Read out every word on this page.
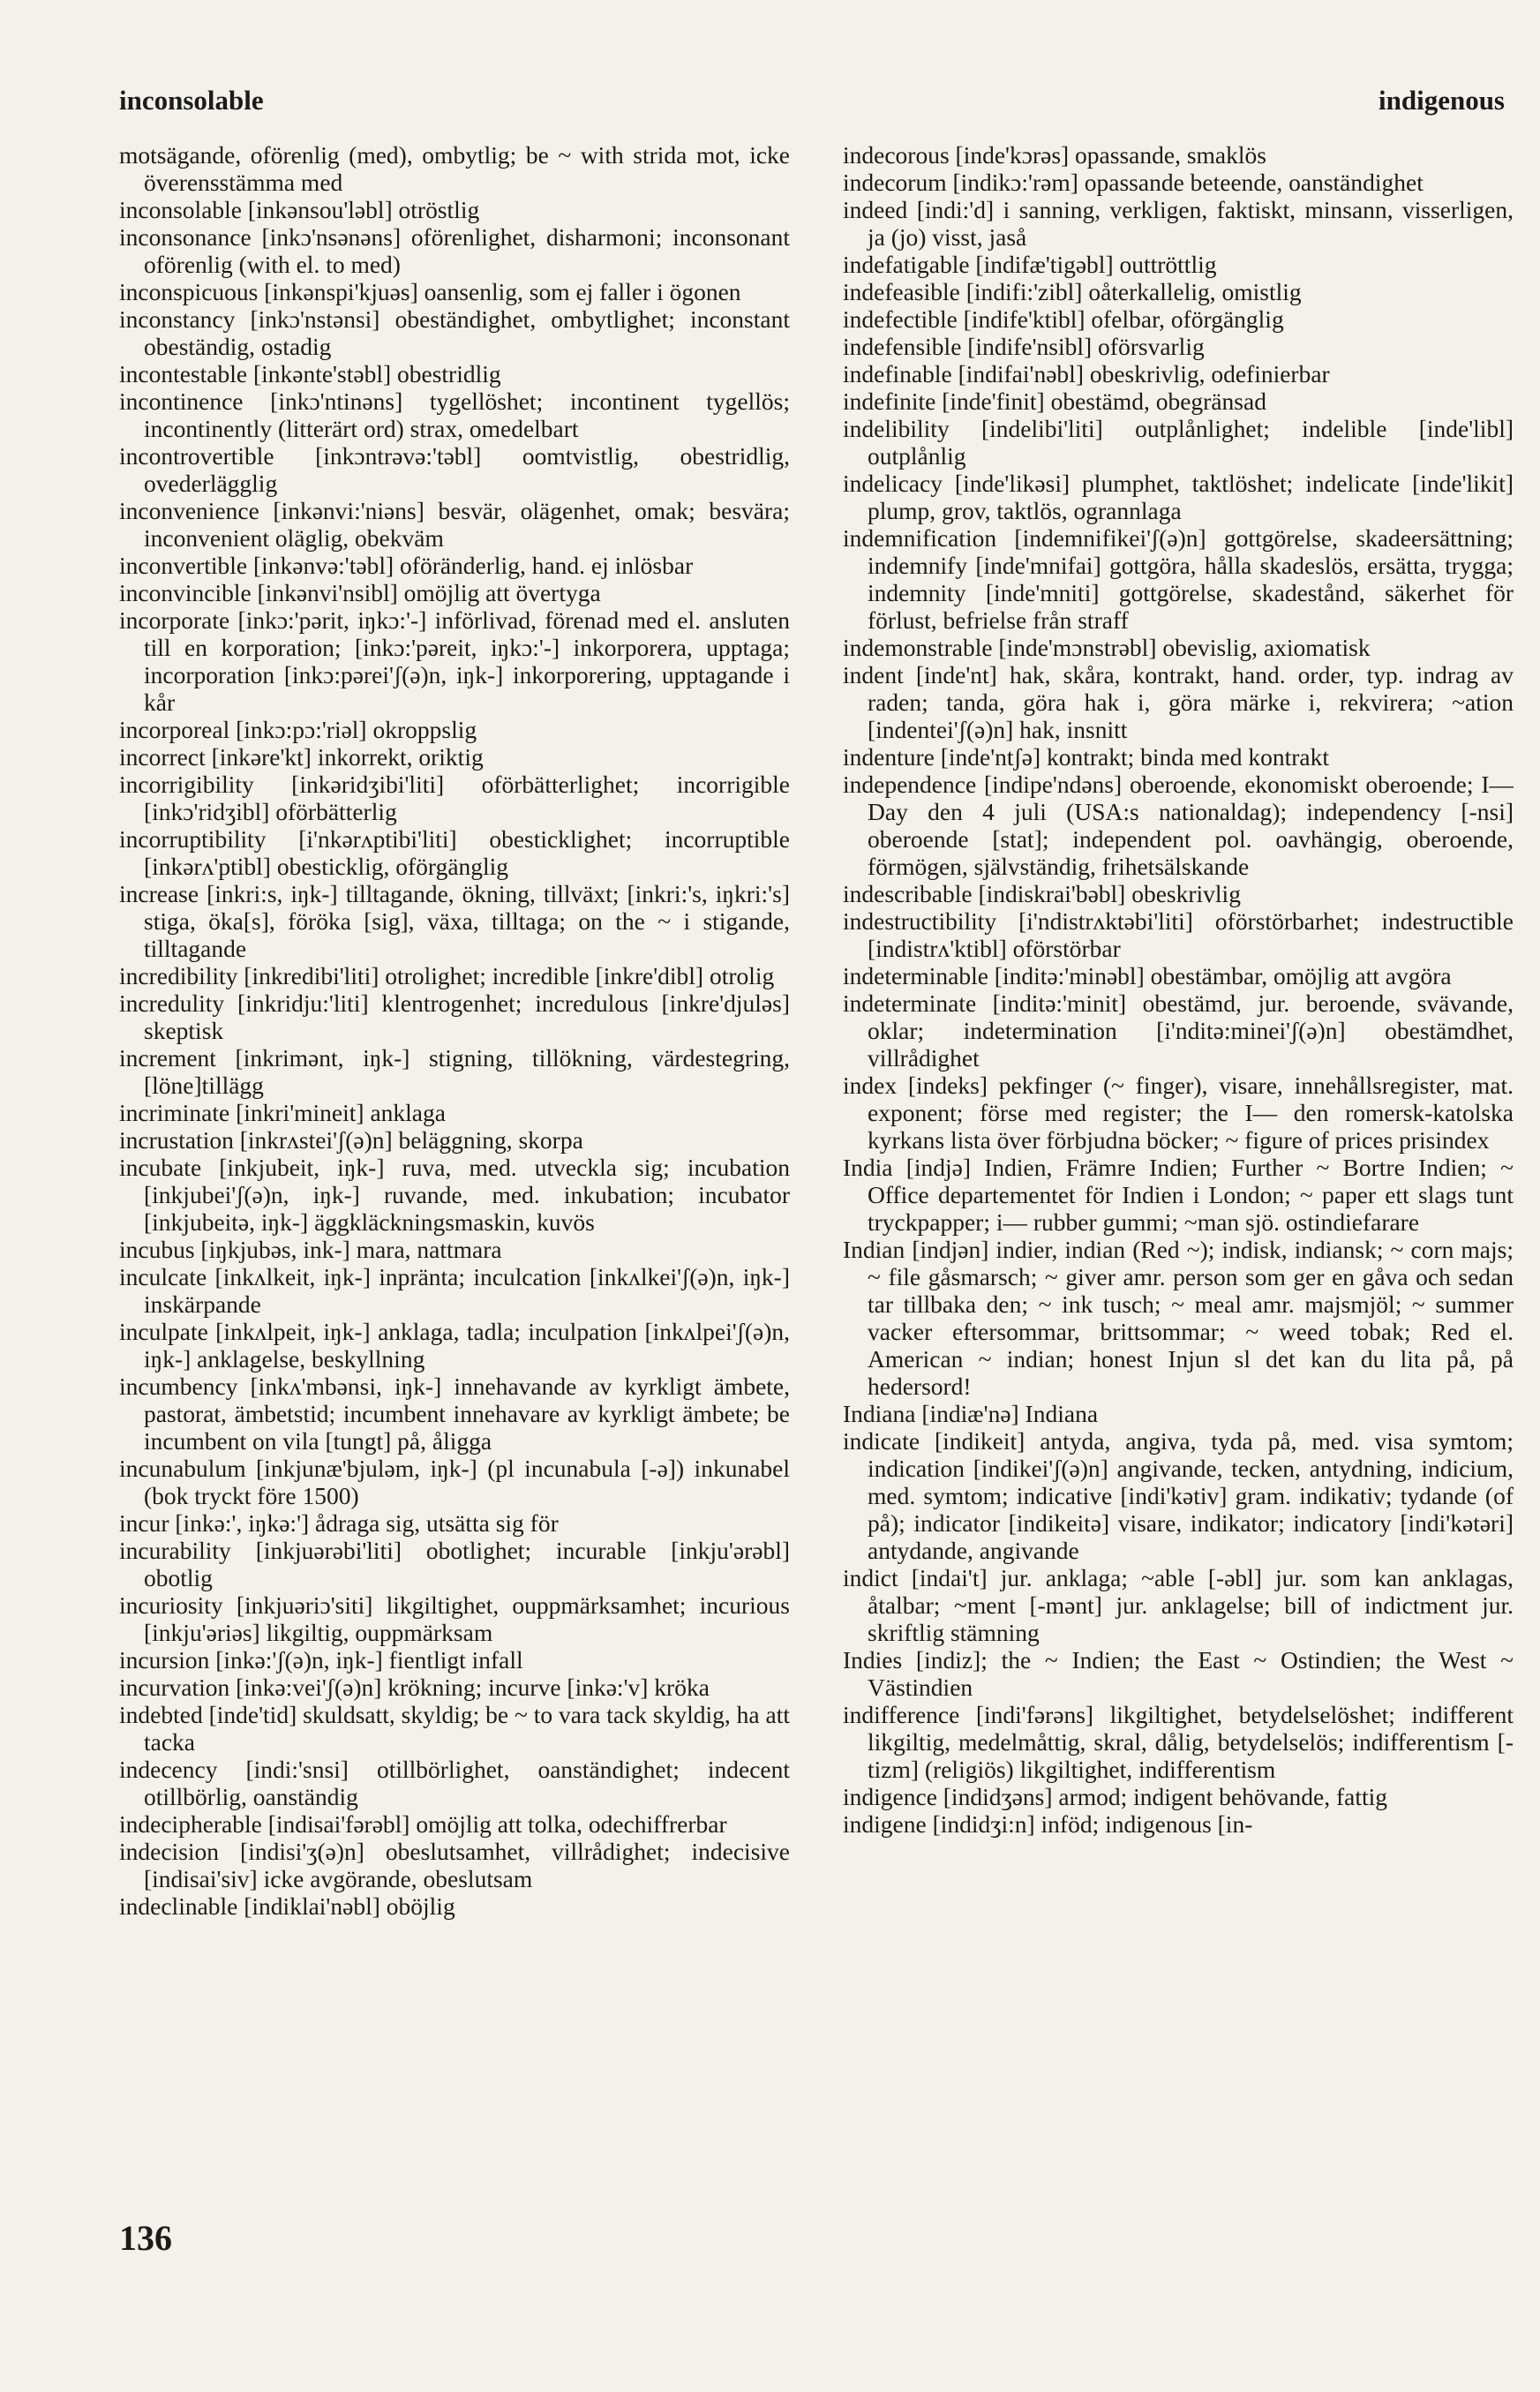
inconsolable	indigenous

motsägande, oförenlig (med), ombytlig; be ~ with strida mot, icke överensstämma med

inconsolable [inkənsou'ləbl] otröstlig

inconsonance [inkɔ'nsənəns] oförenlighet, disharmoni; inconsonant oförenlig (with el. to med)

inconspicuous [inkənspi'kjuəs] oansenlig, som ej faller i ögonen

inconstancy [inkɔ'nstənsi] obeständighet, ombytlighet; inconstant obeständig, ostadig

incontestable [inkənte'stəbl] obestridlig

incontinence [inkɔ'ntinəns] tygellöshet; incontinent tygellös; incontinently (litterärt ord) strax, omedelbart

incontrovertible [inkɔntrəvə:'təbl] oomtvistlig, obestridlig, ovederlägglig

inconvenience [inkənvi:'niəns] besvär, olägenhet, omak; besvära; inconvenient oläglig, obekväm

inconvertible [inkənvə:'təbl] oföränderlig, hand. ej inlösbar

inconvincible [inkənvi'nsibl] omöjlig att övertyga

incorporate [inkɔ:'pərit, iŋkɔ:'-] införlivad, förenad med el. ansluten till en korporation; [inkɔ:'pəreit, iŋkɔ:'-] inkorporera, upptaga; incorporation [inkɔ:pərei'ʃ(ə)n, iŋk-] inkorporering, upptagande i kår

incorporeal [inkɔ:pɔ:'riəl] okroppslig

incorrect [inkəre'kt] inkorrekt, oriktig

incorrigibility [inkəridʒibi'liti] oförbätterlighet; incorrigible [inkɔ'ridʒibl] oförbätterlig

incorruptibility [i'nkərʌptibi'liti] obesticklighet; incorruptible [inkərʌ'ptibl] obesticklig, oförgänglig

increase [inkri:s, iŋk-] tilltagande, ökning, tillväxt; [inkri:'s, iŋkri:'s] stiga, öka[s], föröka [sig], växa, tilltaga; on the ~ i stigande, tilltagande

incredibility [inkredibi'liti] otrolighet; incredible [inkre'dibl] otrolig

incredulity [inkridju:'liti] klentrogenhet; incredulous [inkre'djuləs] skeptisk

increment [inkrimənt, iŋk-] stigning, tillökning, värdestegring, [löne]tillägg

incriminate [inkri'mineit] anklaga

incrustation [inkrʌstei'ʃ(ə)n] beläggning, skorpa

incubate [inkjubeit, iŋk-] ruva, med. utveckla sig; incubation [inkjubei'ʃ(ə)n, iŋk-] ruvande, med. inkubation; incubator [inkjubeitə, iŋk-] äggkläckningsmaskin, kuvös

incubus [iŋkjubəs, ink-] mara, nattmara

inculcate [inkʌlkeit, iŋk-] inpränta; inculcation [inkʌlkei'ʃ(ə)n, iŋk-] inskärpande

inculpate [inkʌlpeit, iŋk-] anklaga, tadla; inculpation [inkʌlpei'ʃ(ə)n, iŋk-] anklagelse, beskyllning

incumbency [inkʌ'mbənsi, iŋk-] innehavande av kyrkligt ämbete, pastorat, ämbetstid; incumbent innehavare av kyrkligt ämbete; be incumbent on vila [tungt] på, åligga

incunabulum [inkjunæ'bjuləm, iŋk-] (pl incunabula [-ə]) inkunabel (bok tryckt före 1500)

incur [inkə:', iŋkə:'] ådraga sig, utsätta sig för

incurability [inkjuərəbi'liti] obotlighet; incurable [inkju'ərəbl] obotlig

incuriosity [inkjuəriɔ'siti] likgiltighet, ouppmärksamhet; incurious [inkju'əriəs] likgiltig, ouppmärksam

incursion [inkə:'ʃ(ə)n, iŋk-] fientligt infall

incurvation [inkə:vei'ʃ(ə)n] krökning; incurve [inkə:'v] kröka

indebted [inde'tid] skuldsatt, skyldig; be ~ to vara tack skyldig, ha att tacka

indecency [indi:'snsi] otillbörlighet, oanständighet; indecent otillbörlig, oanständig

indecipherable [indisai'fərəbl] omöjlig att tolka, odechiffrerbar

indecision [indisi'ʒ(ə)n] obeslutsamhet, villrådighet; indecisive [indisai'siv] icke avgörande, obeslutsam

indeclinable [indiklai'nəbl] oböjlig

indecorous [inde'kɔrəs] opassande, smaklös

indecorum [indikɔ:'rəm] opassande beteende, oanständighet

indeed [indi:'d] i sanning, verkligen, faktiskt, minsann, visserligen, ja (jo) visst, jaså

indefatigable [indifæ'tigəbl] outtröttlig

indefeasible [indifi:'zibl] oåterkallelig, omistlig

indefectible [indife'ktibl] ofelbar, oförgänglig

indefensible [indife'nsibl] oförsvarlig

indefinable [indifai'nəbl] obeskrivlig, odefinierbar

indefinite [inde'finit] obestämd, obegränsad

indelibility [indelibi'liti] outplånlighet; indelible [inde'libl] outplånlig

indelicacy [inde'likəsi] plumphet, taktlöshet; indelicate [inde'likit] plump, grov, taktlös, ogrannlaga

indemnification [indemnifikei'ʃ(ə)n] gottgörelse, skadeersättning; indemnify [inde'mnifai] gottgöra, hålla skadeslös, ersätta, trygga; indemnity [inde'mniti] gottgörelse, skadestånd, säkerhet för förlust, befrielse från straff

indemonstrable [inde'mɔnstrəbl] obevislig, axiomatisk

indent [inde'nt] hak, skåra, kontrakt, hand. order, typ. indrag av raden; tanda, göra hak i, göra märke i, rekvirera; ~ation [indentei'ʃ(ə)n] hak, insnitt

indenture [inde'ntʃə] kontrakt; binda med kontrakt

independence [indipe'ndəns] oberoende, ekonomiskt oberoende; I— Day den 4 juli (USA:s nationaldag); independency [-nsi] oberoende [stat]; independent pol. oavhängig, oberoende, förmögen, självständig, frihetsälskande

indescribable [indiskrai'bəbl] obeskrivlig

indestructibility [i'ndistrʌktəbi'liti] oförstörbarhet; indestructible [indistrʌ'ktibl] oförstörbar

indeterminable [inditə:'minəbl] obestämbar, omöjlig att avgöra

indeterminate [inditə:'minit] obestämd, jur. beroende, svävande, oklar; indetermination [i'nditə:minei'ʃ(ə)n] obestämdhet, villrådighet

index [indeks] pekfinger (~ finger), visare, innehållsregister, mat. exponent; förse med register; the I— den romersk-katolska kyrkans lista över förbjudna böcker; ~ figure of prices prisindex

India [indjə] Indien, Främre Indien; Further ~ Bortre Indien; ~ Office departementet för Indien i London; ~ paper ett slags tunt tryckpapper; i— rubber gummi; ~man sjö. ostindiefarare

Indian [indjən] indier, indian (Red ~); indisk, indiansk; ~ corn majs; ~ file gåsmarsch; ~ giver amr. person som ger en gåva och sedan tar tillbaka den; ~ ink tusch; ~ meal amr. majsmjöl; ~ summer vacker eftersommar, brittsommar; ~ weed tobak; Red el. American ~ indian; honest Injun sl det kan du lita på, på hedersord!

Indiana [indiæ'nə] Indiana

indicate [indikeit] antyda, angiva, tyda på, med. visa symtom; indication [indikei'ʃ(ə)n] angivande, tecken, antydning, indicium, med. symtom; indicative [indi'kətiv] gram. indikativ; tydande (of på); indicator [indikeitə] visare, indikator; indicatory [indi'kətəri] antydande, angivande

indict [indai't] jur. anklaga; ~able [-əbl] jur. som kan anklagas, åtalbar; ~ment [-mənt] jur. anklagelse; bill of indictment jur. skriftlig stämning

Indies [indiz]; the ~ Indien; the East ~ Ostindien; the West ~ Västindien

indifference [indi'fərəns] likgiltighet, betydelselöshet; indifferent likgiltig, medelmåttig, skral, dålig, betydelselös; indifferentism [-tizm] (religiös) likgiltighet, indifferentism

indigence [indidʒəns] armod; indigent behövande, fattig

indigene [indidʒi:n] inföd; indigenous [in-

136
